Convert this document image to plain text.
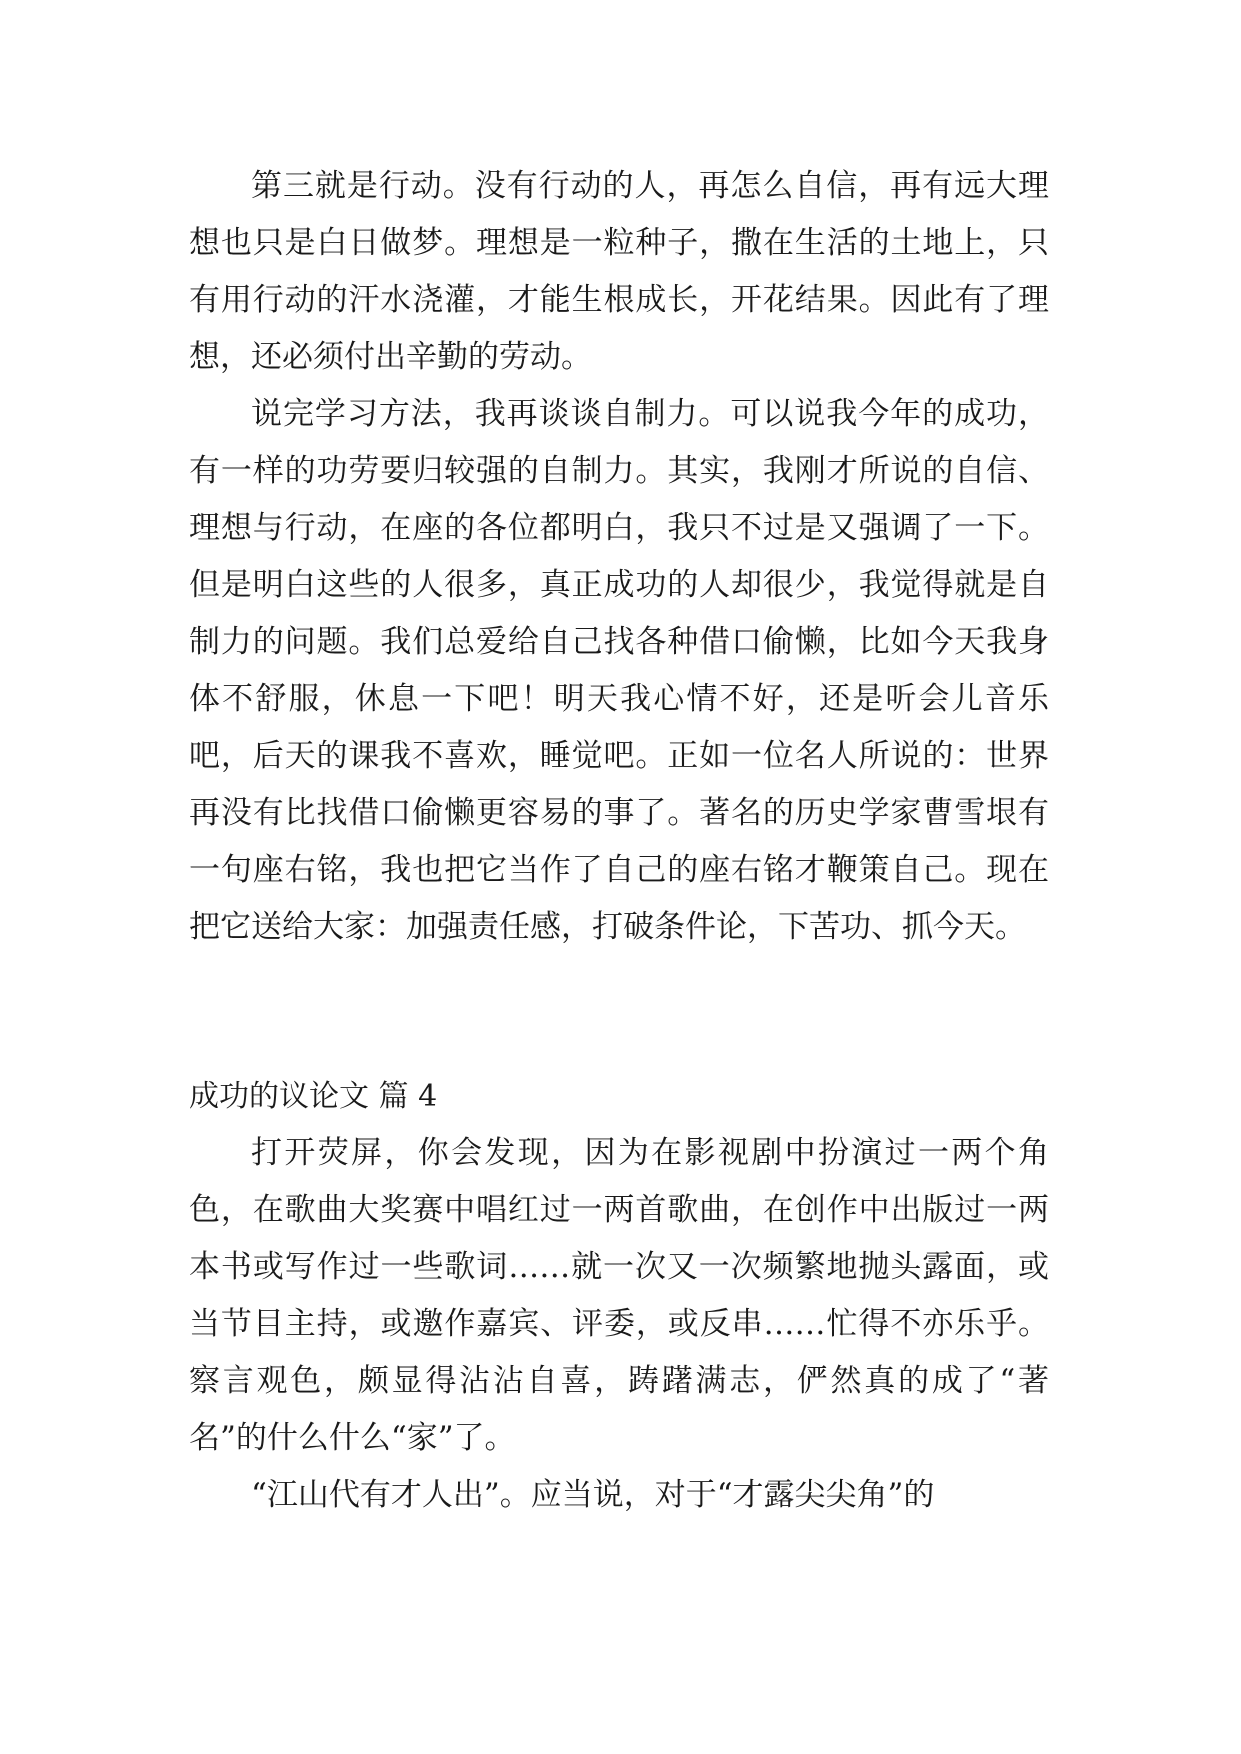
第三就是行动。没有行动的人，再怎么自信，再有远大理想也只是白日做梦。理想是一粒种子，撒在生活的土地上，只有用行动的汗水浇灌，才能生根成长，开花结果。因此有了理想，还必须付出辛勤的劳动。

说完学习方法，我再谈谈自制力。可以说我今年的成功，有一样的功劳要归较强的自制力。其实，我刚才所说的自信、理想与行动，在座的各位都明白，我只不过是又强调了一下。但是明白这些的人很多，真正成功的人却很少，我觉得就是自制力的问题。我们总爱给自己找各种借口偷懒，比如今天我身体不舒服，休息一下吧！明天我心情不好，还是听会儿音乐吧，后天的课我不喜欢，睡觉吧。正如一位名人所说的：世界再没有比找借口偷懒更容易的事了。著名的历史学家曹雪垠有一句座右铭，我也把它当作了自己的座右铭才鞭策自己。现在把它送给大家：加强责任感，打破条件论，下苦功、抓今天。

成功的议论文 篇 4

打开荧屏，你会发现，因为在影视剧中扮演过一两个角色，在歌曲大奖赛中唱红过一两首歌曲，在创作中出版过一两本书或写作过一些歌词……就一次又一次频繁地抛头露面，或当节目主持，或邀作嘉宾、评委，或反串……忙得不亦乐乎。察言观色，颇显得沾沾自喜，踌躇满志，俨然真的成了“著名”的什么什么“家”了。

“江山代有才人出”。应当说，对于“才露尖尖角”的
